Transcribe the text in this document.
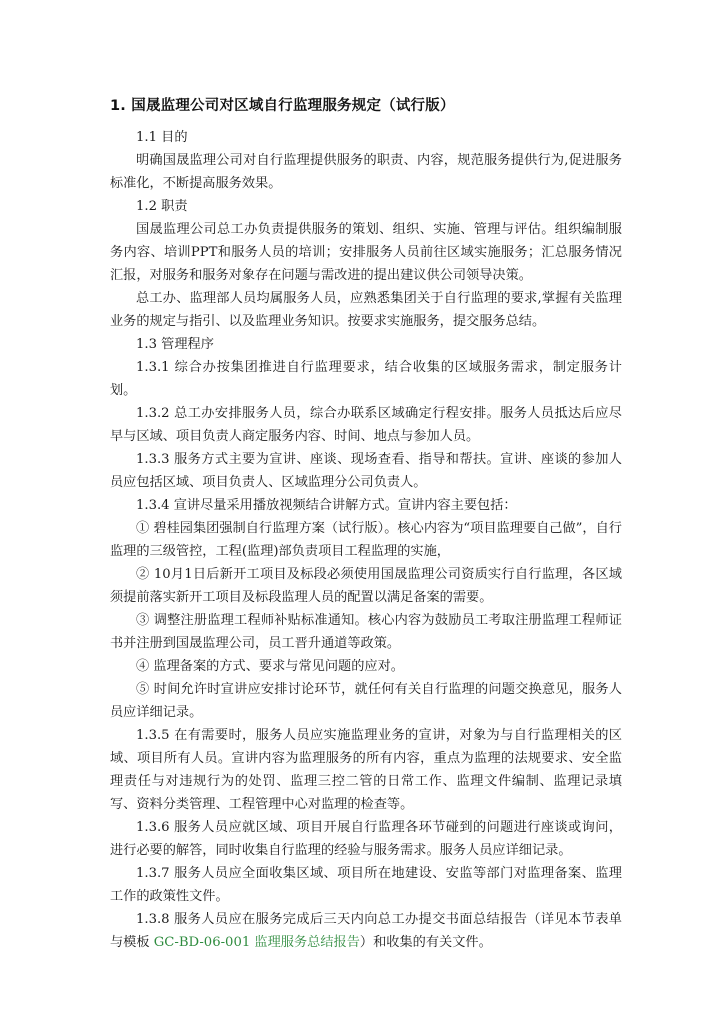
1. 国晟监理公司对区域自行监理服务规定（试行版）

1.1 目的

明确国晟监理公司对自行监理提供服务的职责、内容，规范服务提供行为,促进服务标准化，不断提高服务效果。

1.2 职责

国晟监理公司总工办负责提供服务的策划、组织、实施、管理与评估。组织编制服务内容、培训PPT和服务人员的培训；安排服务人员前往区域实施服务；汇总服务情况汇报，对服务和服务对象存在问题与需改进的提出建议供公司领导决策。

总工办、监理部人员均属服务人员，应熟悉集团关于自行监理的要求,掌握有关监理业务的规定与指引、以及监理业务知识。按要求实施服务，提交服务总结。

1.3 管理程序

1.3.1 综合办按集团推进自行监理要求，结合收集的区域服务需求，制定服务计划。

1.3.2 总工办安排服务人员，综合办联系区域确定行程安排。服务人员抵达后应尽早与区域、项目负责人商定服务内容、时间、地点与参加人员。

1.3.3 服务方式主要为宣讲、座谈、现场查看、指导和帮扶。宣讲、座谈的参加人员应包括区域、项目负责人、区域监理分公司负责人。

1.3.4 宣讲尽量采用播放视频结合讲解方式。宣讲内容主要包括：

① 碧桂园集团强制自行监理方案（试行版）。核心内容为“项目监理要自己做”，自行监理的三级管控，工程(监理)部负责项目工程监理的实施，

② 10月1日后新开工项目及标段必须使用国晟监理公司资质实行自行监理，各区域须提前落实新开工项目及标段监理人员的配置以满足备案的需要。

③ 调整注册监理工程师补贴标准通知。核心内容为鼓励员工考取注册监理工程师证书并注册到国晟监理公司，员工晋升通道等政策。

④ 监理备案的方式、要求与常见问题的应对。

⑤ 时间允许时宣讲应安排讨论环节，就任何有关自行监理的问题交换意见，服务人员应详细记录。

1.3.5 在有需要时，服务人员应实施监理业务的宣讲，对象为与自行监理相关的区域、项目所有人员。宣讲内容为监理服务的所有内容，重点为监理的法规要求、安全监理责任与对违规行为的处罚、监理三控二管的日常工作、监理文件编制、监理记录填写、资料分类管理、工程管理中心对监理的检查等。

1.3.6 服务人员应就区域、项目开展自行监理各环节碰到的问题进行座谈或询问，进行必要的解答，同时收集自行监理的经验与服务需求。服务人员应详细记录。

1.3.7 服务人员应全面收集区域、项目所在地建设、安监等部门对监理备案、监理工作的政策性文件。

1.3.8 服务人员应在服务完成后三天内向总工办提交书面总结报告（详见本节表单与模板 GC-BD-06-001 监理服务总结报告）和收集的有关文件。
